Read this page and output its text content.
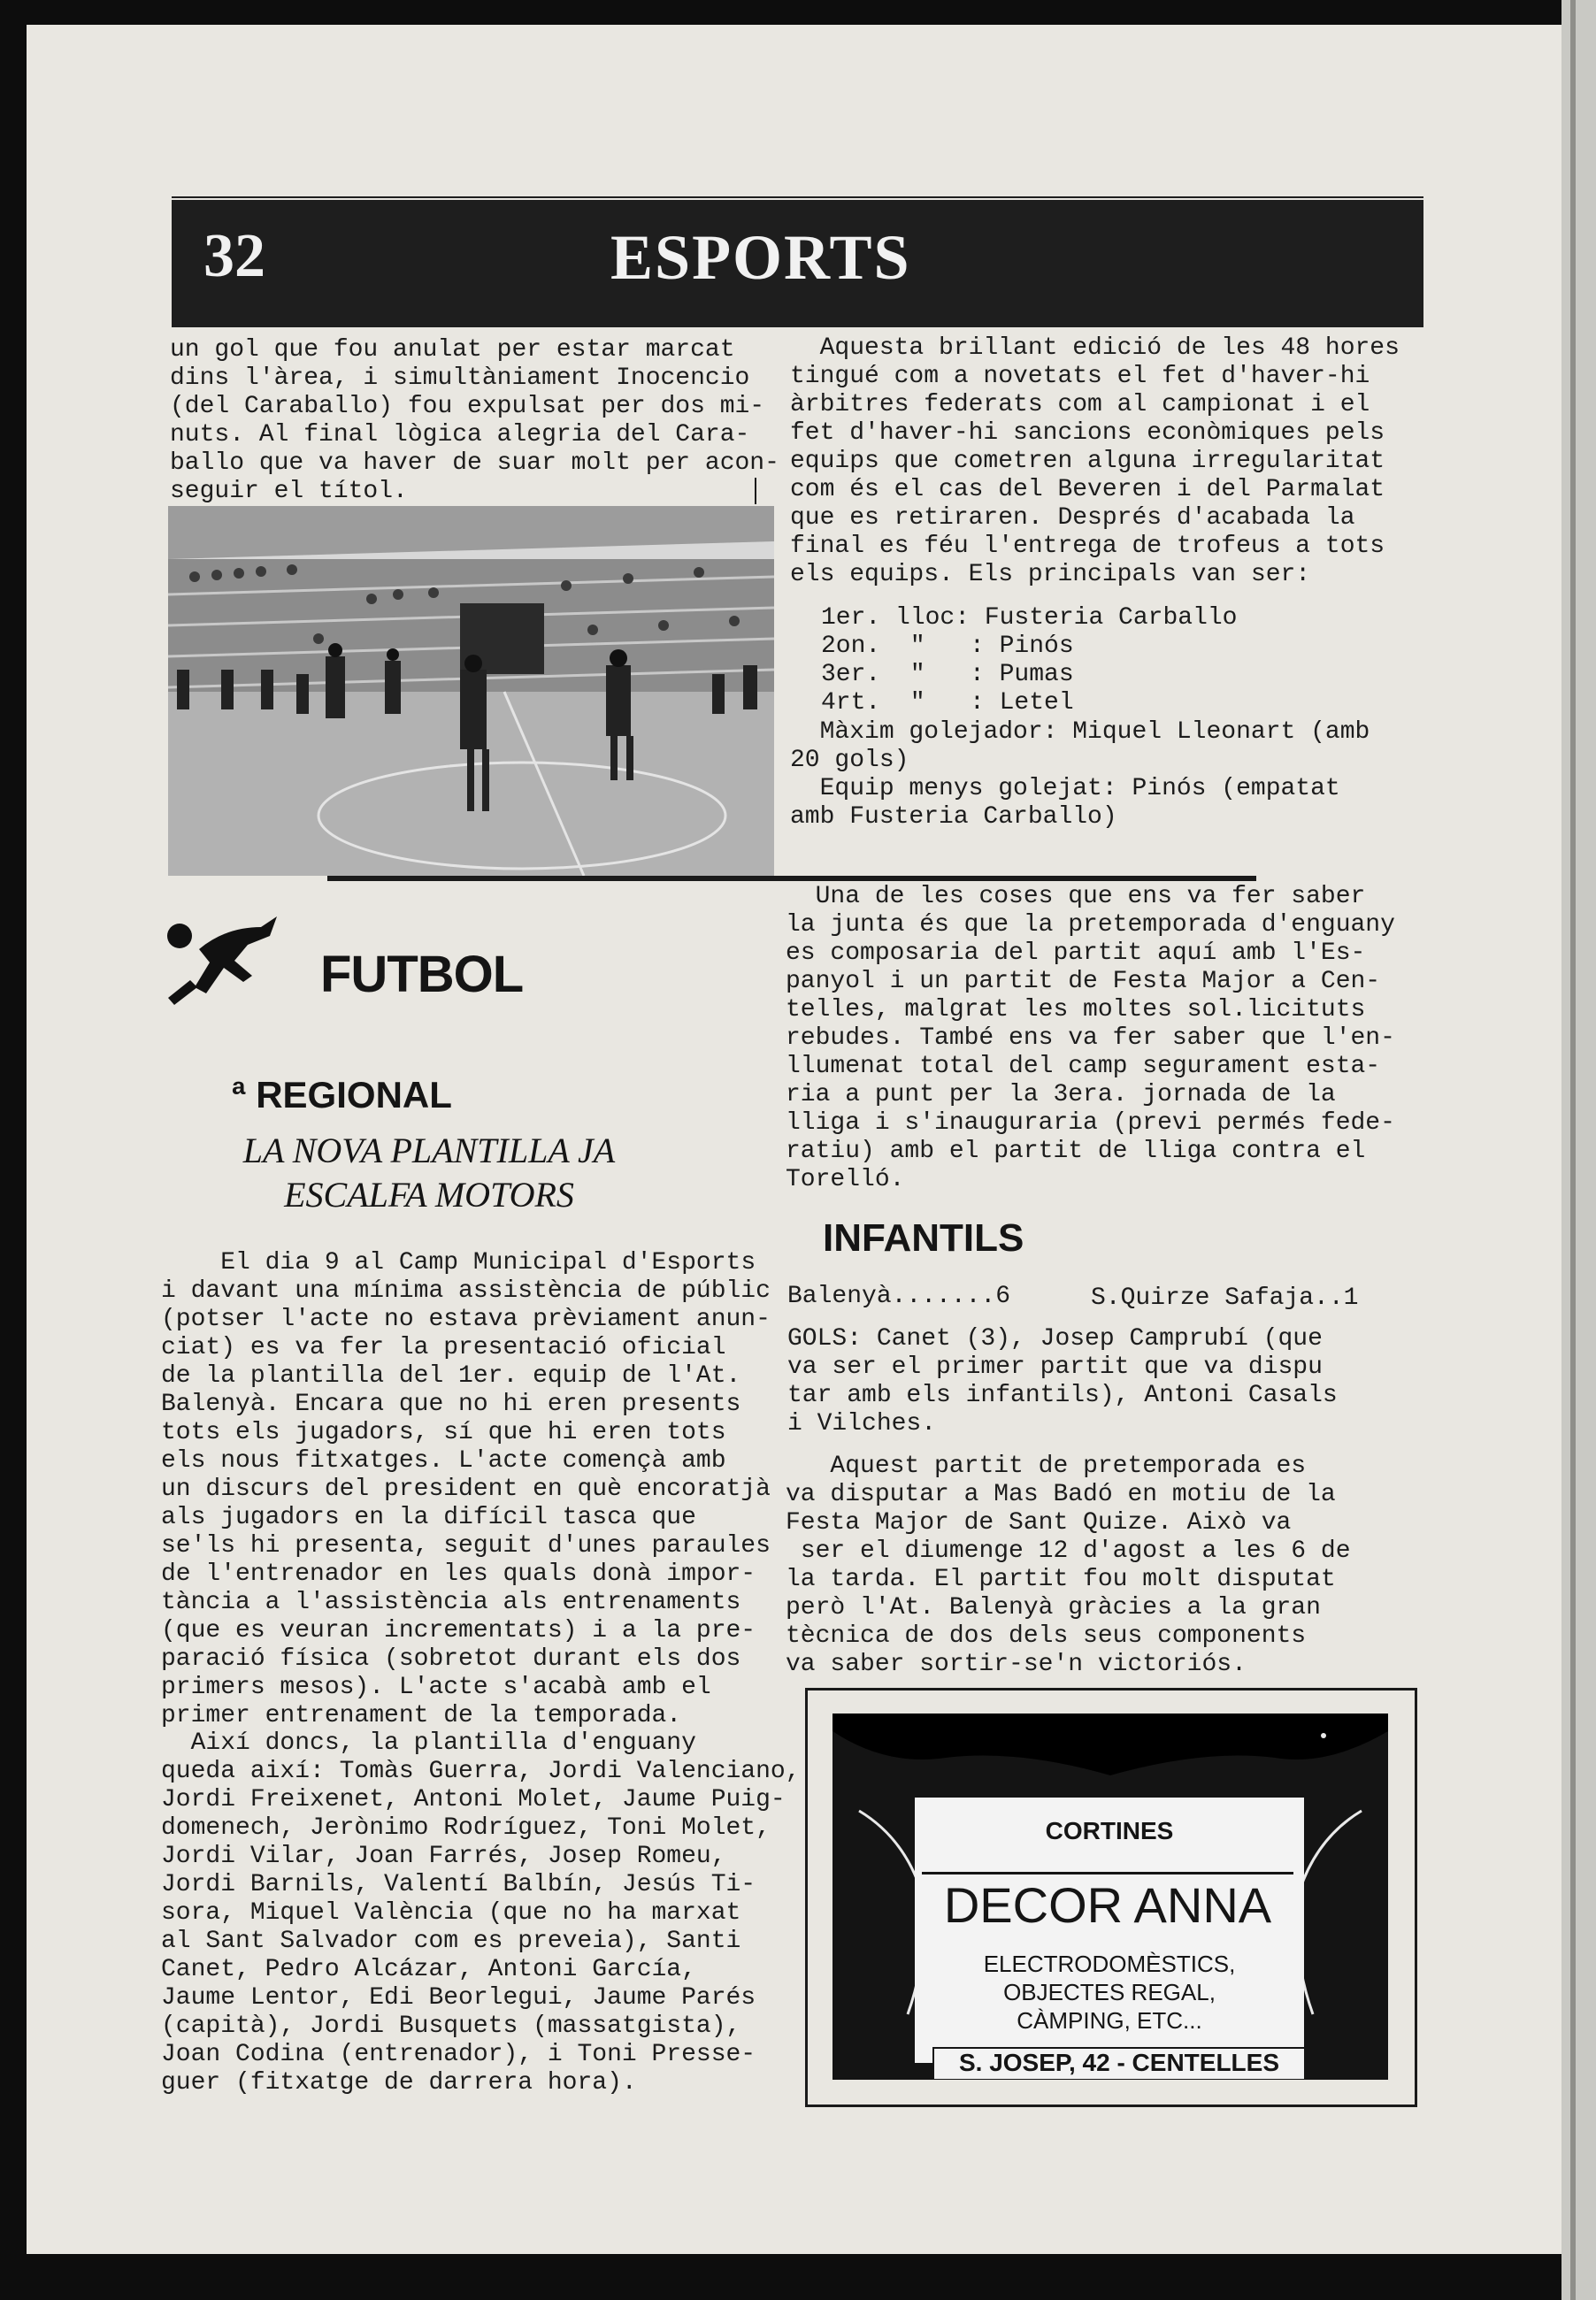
32	ESPORTS
un gol que fou anulat per estar marcat
dins l'àrea, i simultàniament Inocencio
(del Caraballo) fou expulsat per dos mi-
nuts. Al final lògica alegria del Cara-
ballo que va haver de suar molt per acon-
seguir el títol.
Aquesta brillant edició de les 48 hores
tingué com a novetats el fet d'haver-hi
àrbitres federats com al campionat i el
fet d'haver-hi sancions econòmiques pels
equips que cometren alguna irregularitat
com és el cas del Beveren i del Parmalat
que es retiraren. Després d'acabada la
final es féu l'entrega de trofeus a tots
els equips. Els principals van ser:
1er. lloc: Fusteria Carballo
2on.  "   : Pinós
3er.  "   : Pumas
4rt.  "   : Letel
Màxim golejador: Miquel Lleonart (amb
20 gols)
Equip menys golejat: Pinós (empatat
amb Fusteria Carballo)
FUTBOL
ª REGIONAL
LA NOVA PLANTILLA JA
ESCALFA MOTORS
El dia 9 al Camp Municipal d'Esports
i davant una mínima assistència de públic
(potser l'acte no estava prèviament anun-
ciat) es va fer la presentació oficial
de la plantilla del 1er. equip de l'At.
Balenyà. Encara que no hi eren presents
tots els jugadors, sí que hi eren tots
els nous fitxatges. L'acte començà amb
un discurs del president en què encoratjà
als jugadors en la difícil tasca que
se'ls hi presenta, seguit d'unes paraules
de l'entrenador en les quals donà impor-
tància a l'assistència als entrenaments
(que es veuran incrementats) i a la pre-
paració física (sobretot durant els dos
primers mesos). L'acte s'acabà amb el
primer entrenament de la temporada.
Així doncs, la plantilla d'enguany
queda així: Tomàs Guerra, Jordi Valenciano,
Jordi Freixenet, Antoni Molet, Jaume Puig-
domenech, Jerònimo Rodríguez, Toni Molet,
Jordi Vilar, Joan Farrés, Josep Romeu,
Jordi Barnils, Valentí Balbín, Jesús Ti-
sora, Miquel València (que no ha marxat
al Sant Salvador com es preveia), Santi
Canet, Pedro Alcázar, Antoni García,
Jaume Lentor, Edi Beorlegui, Jaume Parés
(capità), Jordi Busquets (massatgista),
Joan Codina (entrenador), i Toni Presse-
guer (fitxatge de darrera hora).
Una de les coses que ens va fer saber
la junta és que la pretemporada d'enguany
es composaria del partit aquí amb l'Es-
panyol i un partit de Festa Major a Cen-
telles, malgrat les moltes sol.licituts
rebudes. També ens va fer saber que l'en-
llumenat total del camp segurament esta-
ria a punt per la 3era. jornada de la
lliga i s'inauguraria (previ permés fede-
ratiu) amb el partit de lliga contra el
Torelló.
INFANTILS
Balenyà.......6	S.Quirze Safaja..1
GOLS: Canet (3), Josep Camprubí (que
va ser el primer partit que va dispu
tar amb els infantils), Antoni Casals
i Vilches.
Aquest partit de pretemporada es
va disputar a Mas Badó en motiu de la
Festa Major de Sant Quize. Això va
ser el diumenge 12 d'agost a les 6 de
la tarda. El partit fou molt disputat
però l'At. Balenyà gràcies a la gran
tècnica de dos dels seus components
va saber sortir-se'n victoriós.
CORTINES
DECOR ANNA
ELECTRODOMÈSTICS,
OBJECTES REGAL,
CÀMPING, ETC...
S. JOSEP, 42 - CENTELLES
